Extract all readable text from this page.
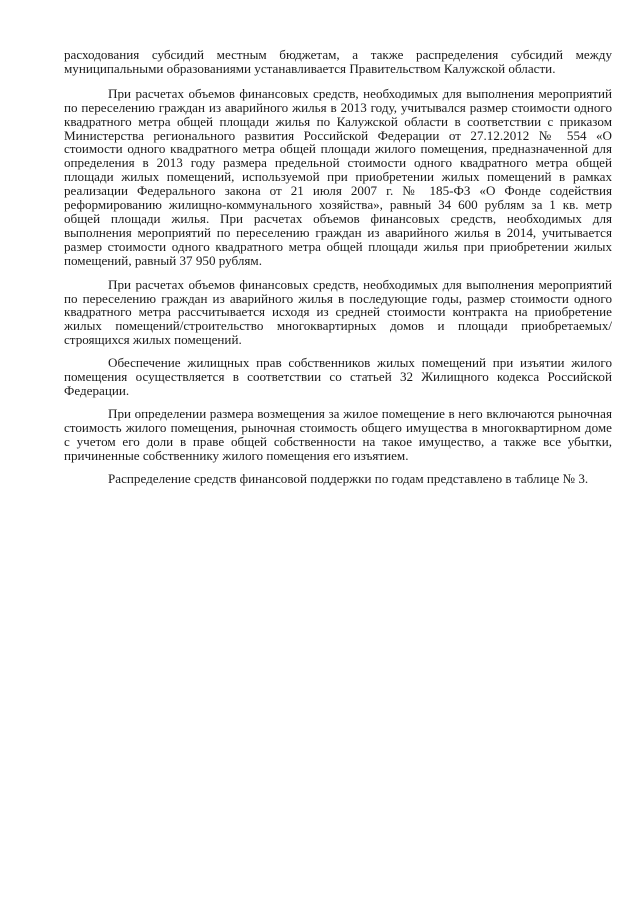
расходования субсидий местным бюджетам, а также распределения субсидий между муниципальными образованиями устанавливается Правительством Калужской области.

При расчетах объемов финансовых средств, необходимых для выполнения мероприятий по переселению граждан из аварийного жилья в 2013 году, учитывался размер стоимости одного квадратного метра общей площади жилья по Калужской области в соответствии с приказом Министерства регионального развития Российской Федерации от 27.12.2012 № 554 «О стоимости одного квадратного метра общей площади жилого помещения, предназначенной для определения в 2013 году размера предельной стоимости одного квадратного метра общей площади жилых помещений, используемой при приобретении жилых помещений в рамках реализации Федерального закона от 21 июля 2007 г. № 185-ФЗ «О Фонде содействия реформированию жилищно-коммунального хозяйства», равный 34 600 рублям за 1 кв. метр общей площади жилья. При расчетах объемов финансовых средств, необходимых для выполнения мероприятий по переселению граждан из аварийного жилья в 2014, учитывается размер стоимости одного квадратного метра общей площади жилья при приобретении жилых помещений, равный 37 950 рублям.

При расчетах объемов финансовых средств, необходимых для выполнения мероприятий по переселению граждан из аварийного жилья в последующие годы, размер стоимости одного квадратного метра рассчитывается исходя из средней стоимости контракта на приобретение жилых помещений/строительство многоквартирных домов и площади приобретаемых/строящихся жилых помещений.

Обеспечение жилищных прав собственников жилых помещений при изъятии жилого помещения осуществляется в соответствии со статьей 32 Жилищного кодекса Российской Федерации.

При определении размера возмещения за жилое помещение в него включаются рыночная стоимость жилого помещения, рыночная стоимость общего имущества в многоквартирном доме с учетом его доли в праве общей собственности на такое имущество, а также все убытки, причиненные собственнику жилого помещения его изъятием.

Распределение средств финансовой поддержки по годам представлено в таблице № 3.
